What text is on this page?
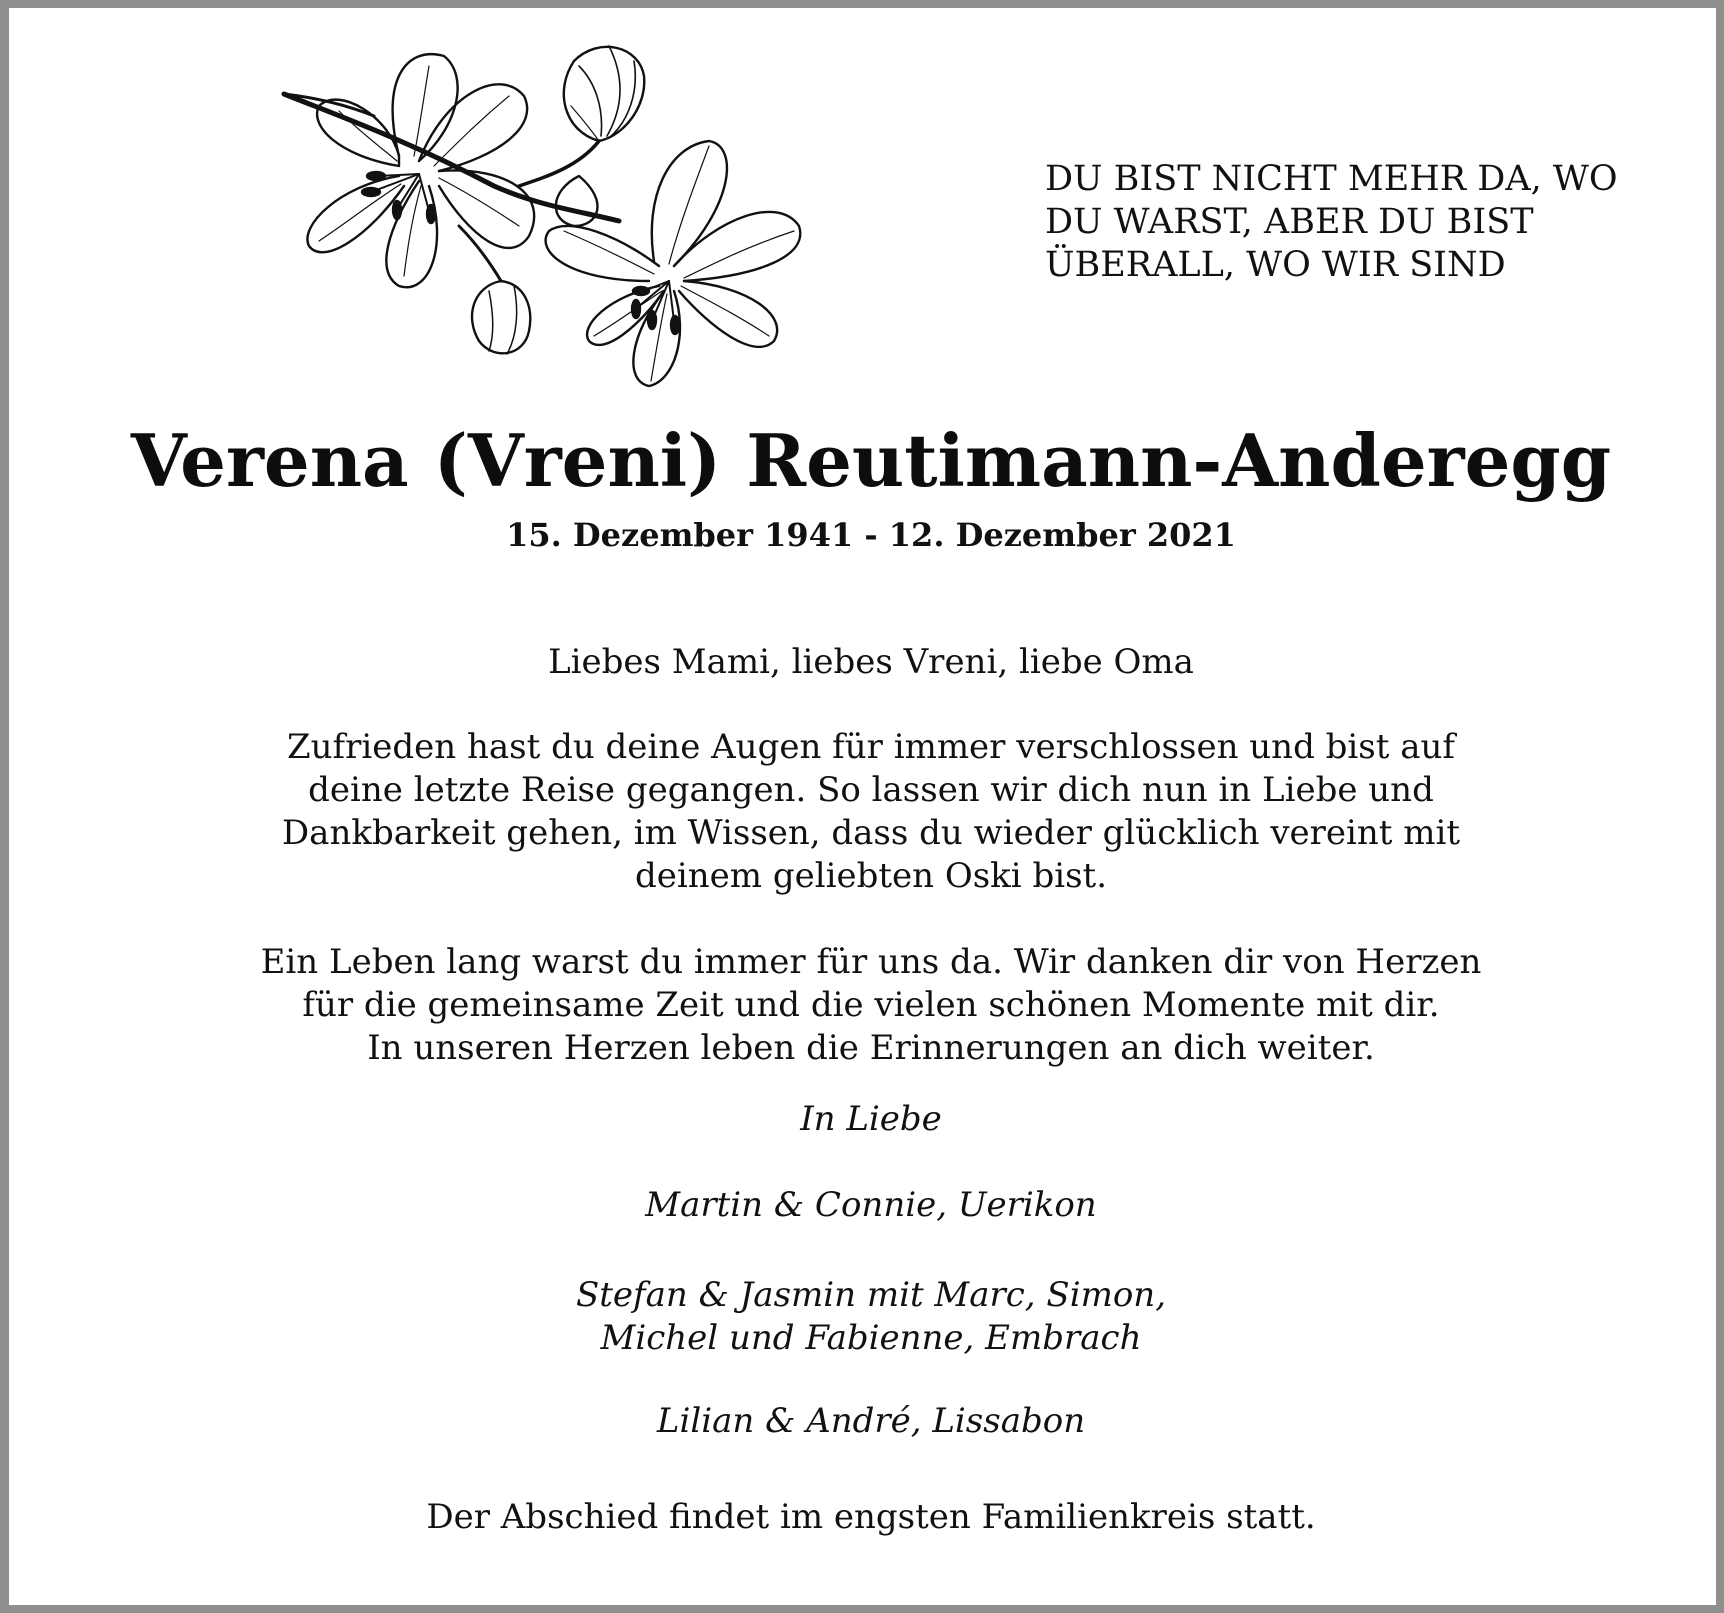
DU BIST NICHT MEHR DA, WO
DU WARST, ABER DU BIST
ÜBERALL, WO WIR SIND
Verena (Vreni) Reutimann-Anderegg
15. Dezember 1941 - 12. Dezember 2021
Liebes Mami, liebes Vreni, liebe Oma
Zufrieden hast du deine Augen für immer verschlossen und bist auf
deine letzte Reise gegangen. So lassen wir dich nun in Liebe und
Dankbarkeit gehen, im Wissen, dass du wieder glücklich vereint mit
deinem geliebten Oski bist.
Ein Leben lang warst du immer für uns da. Wir danken dir von Herzen
für die gemeinsame Zeit und die vielen schönen Momente mit dir.
In unseren Herzen leben die Erinnerungen an dich weiter.
In Liebe
Martin & Connie, Uerikon
Stefan & Jasmin mit Marc, Simon,
Michel und Fabienne, Embrach
Lilian & André, Lissabon
Der Abschied findet im engsten Familienkreis statt.
